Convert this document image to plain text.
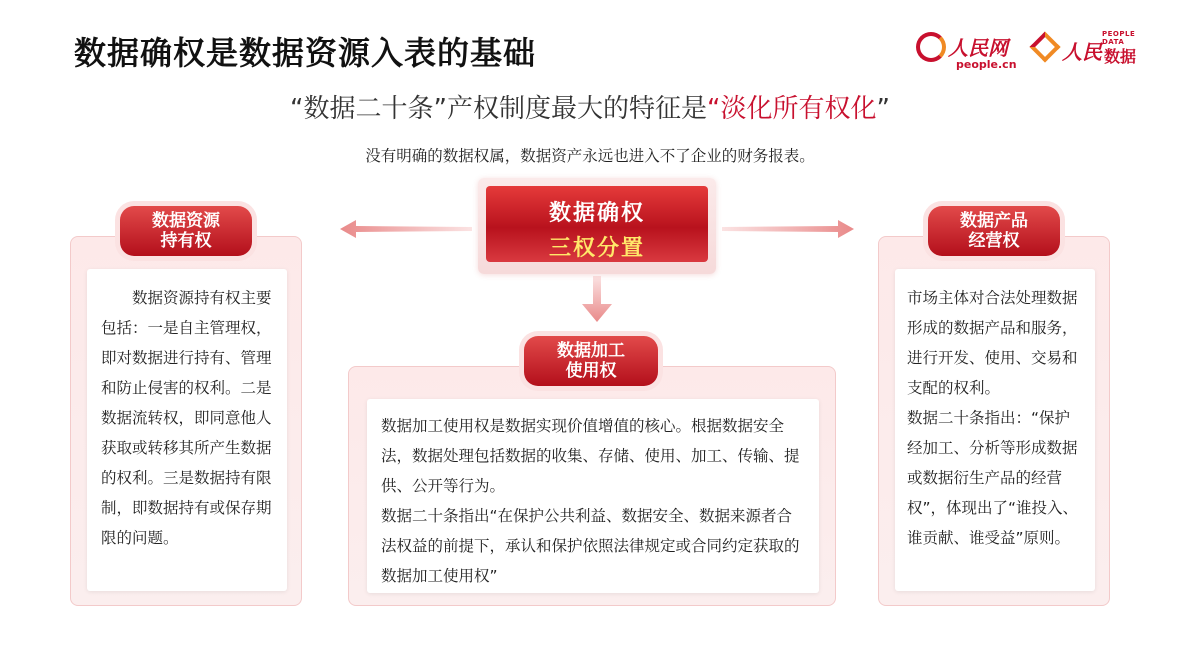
数据确权是数据资源入表的基础	人民网
people.cn
人民
PEOPLE DATA
数据
“数据二十条”产权制度最大的特征是“淡化所有权化”
没有明确的数据权属，数据资产永远也进入不了企业的财务报表。
数据确权
三权分置

数据资源持有权主要包括：一是自主管理权，即对数据进行持有、管理和防止侵害的权利。二是数据流转权，即同意他人获取或转移其所产生数据的权利。三是数据持有限制，即数据持有或保存期限的问题。

数据资源
持有权

数据加工使用权是数据实现价值增值的核心。根据数据安全法，数据处理包括数据的收集、存储、使用、加工、传输、提供、公开等行为。

数据二十条指出“在保护公共利益、数据安全、数据来源者合法权益的前提下，承认和保护依照法律规定或合同约定获取的数据加工使用权”

数据加工
使用权

市场主体对合法处理数据形成的数据产品和服务，进行开发、使用、交易和支配的权利。

数据二十条指出：“保护经加工、分析等形成数据或数据衍生产品的经营权”，体现出了“谁投入、谁贡献、谁受益”原则。

数据产品
经营权
